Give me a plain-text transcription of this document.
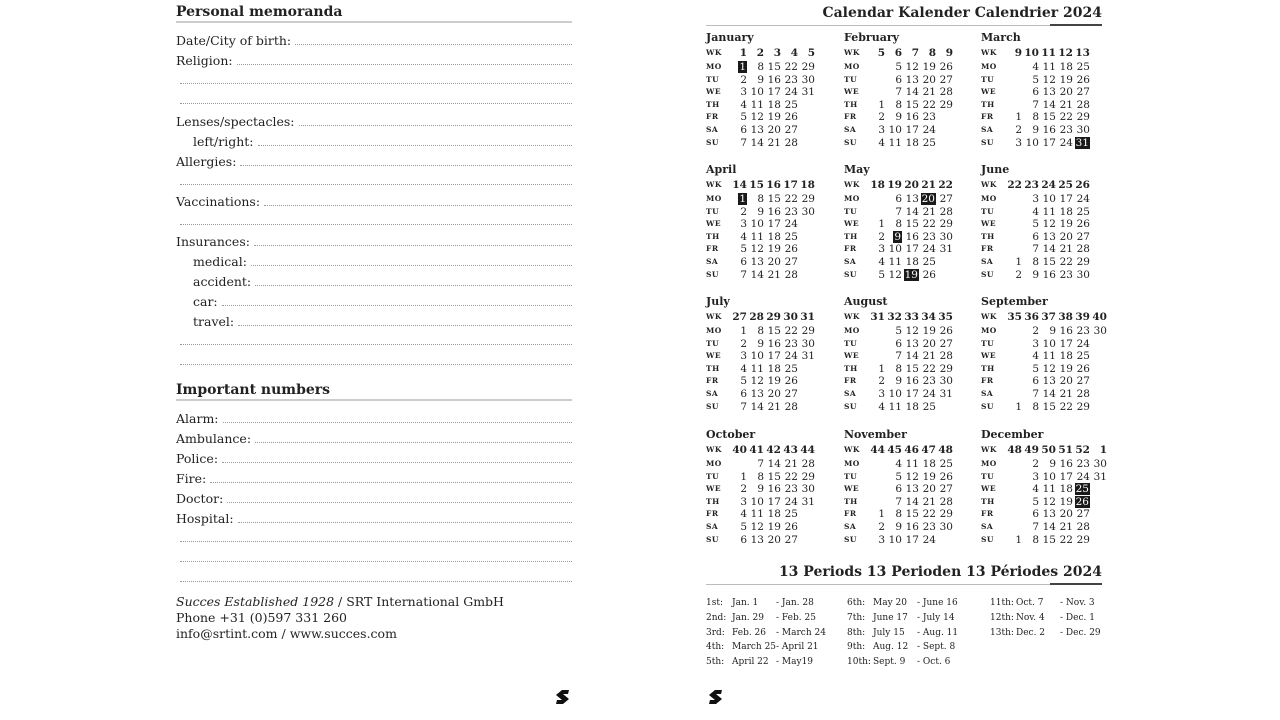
Personal memoranda
Date/City of birth:
Religion:
Lenses/spectacles:
left/right:
Allergies:
Vaccinations:
Insurances:
medical:
accident:
car:
travel:
Important numbers
Alarm:
Ambulance:
Police:
Fire:
Doctor:
Hospital:
Succes Established 1928 / SRT International GmbH
Phone +31 (0)597 331 260
info@srtint.com / www.succes.com
Calendar Kalender Calendrier 2024
January
WK	1	2	3	4	5
MO	1	8	15	22	29
TU	2	9	16	23	30
WE	3	10	17	24	31
TH	4	11	18	25	
FR	5	12	19	26	
SA	6	13	20	27	
SU	7	14	21	28	
February
WK	5	6	7	8	9
MO		5	12	19	26
TU		6	13	20	27
WE		7	14	21	28
TH	1	8	15	22	29
FR	2	9	16	23	
SA	3	10	17	24	
SU	4	11	18	25	
March
WK	9	10	11	12	13
MO		4	11	18	25
TU		5	12	19	26
WE		6	13	20	27
TH		7	14	21	28
FR	1	8	15	22	29
SA	2	9	16	23	30
SU	3	10	17	24	31
April
WK	14	15	16	17	18
MO	1	8	15	22	29
TU	2	9	16	23	30
WE	3	10	17	24	
TH	4	11	18	25	
FR	5	12	19	26	
SA	6	13	20	27	
SU	7	14	21	28	
May
WK	18	19	20	21	22
MO		6	13	20	27
TU		7	14	21	28
WE	1	8	15	22	29
TH	2	9	16	23	30
FR	3	10	17	24	31
SA	4	11	18	25	
SU	5	12	19	26	
June
WK	22	23	24	25	26
MO		3	10	17	24
TU		4	11	18	25
WE		5	12	19	26
TH		6	13	20	27
FR		7	14	21	28
SA	1	8	15	22	29
SU	2	9	16	23	30
July
WK	27	28	29	30	31
MO	1	8	15	22	29
TU	2	9	16	23	30
WE	3	10	17	24	31
TH	4	11	18	25	
FR	5	12	19	26	
SA	6	13	20	27	
SU	7	14	21	28	
August
WK	31	32	33	34	35
MO		5	12	19	26
TU		6	13	20	27
WE		7	14	21	28
TH	1	8	15	22	29
FR	2	9	16	23	30
SA	3	10	17	24	31
SU	4	11	18	25	
September
WK	35	36	37	38	39	40
MO		2	9	16	23	30
TU		3	10	17	24	
WE		4	11	18	25	
TH		5	12	19	26	
FR		6	13	20	27	
SA		7	14	21	28	
SU	1	8	15	22	29	
October
WK	40	41	42	43	44
MO		7	14	21	28
TU	1	8	15	22	29
WE	2	9	16	23	30
TH	3	10	17	24	31
FR	4	11	18	25	
SA	5	12	19	26	
SU	6	13	20	27	
November
WK	44	45	46	47	48
MO		4	11	18	25
TU		5	12	19	26
WE		6	13	20	27
TH		7	14	21	28
FR	1	8	15	22	29
SA	2	9	16	23	30
SU	3	10	17	24	
December
WK	48	49	50	51	52	1
MO		2	9	16	23	30
TU		3	10	17	24	31
WE		4	11	18	25	
TH		5	12	19	26	
FR		6	13	20	27	
SA		7	14	21	28	
SU	1	8	15	22	29	
13 Periods 13 Perioden 13 Périodes 2024
1st:	Jan. 1	- Jan. 28
2nd: Jan. 29	- Feb. 25
3rd: Feb. 26	- March 24
4th: March 25 - April 21
5th: April 22 - May19
6th: May 20	- June 16
7th: June 17	- July 14
8th: July 15	- Aug. 11
9th: Aug. 12 - Sept. 8
10th: Sept. 9	- Oct. 6
11th: Oct. 7	- Nov. 3
12th: Nov. 4	- Dec. 1
13th: Dec. 2	- Dec. 29
